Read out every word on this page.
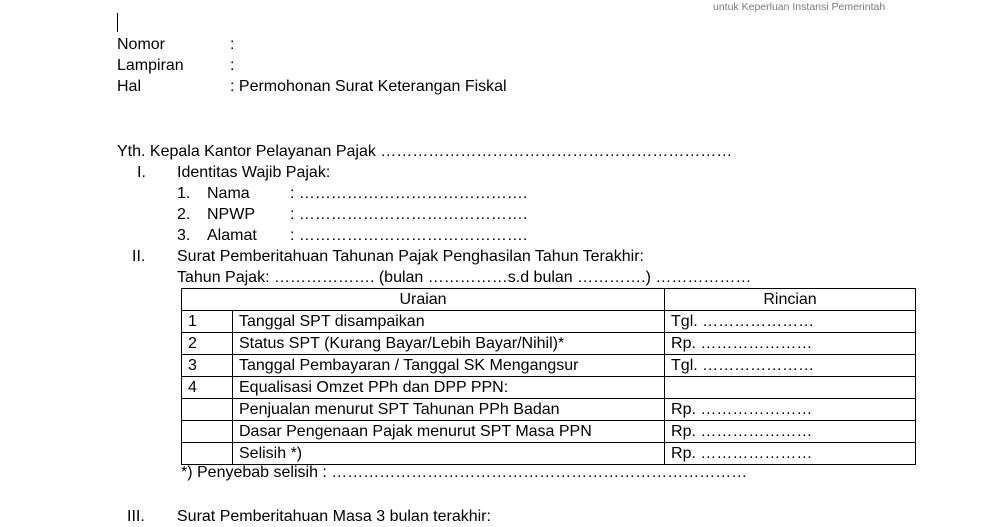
untuk Keperluan Instansi Pemerintah
Nomor	:
Lampiran	:
Hal	: Permohonan Surat Keterangan Fiskal
Yth. Kepala Kantor Pelayanan Pajak …………………………………………………………
I. Identitas Wajib Pajak:
1. Nama	: …………………………………….
2. NPWP : …………………………………….
3. Alamat : …………………………………….
II. Surat Pemberitahuan Tahunan Pajak Penghasilan Tahun Terakhir:
Tahun Pajak: ………………. (bulan ……………s.d bulan ………….) ………………
Uraian		Rincian
1	Tanggal SPT disampaikan	Tgl. …………………
2	Status SPT (Kurang Bayar/Lebih Bayar/Nihil)*	Rp. …………………
3	Tanggal Pembayaran / Tanggal SK Mengangsur	Tgl. …………………
4	Equalisasi Omzet PPh dan DPP PPN:	
	Penjualan menurut SPT Tahunan PPh Badan	Rp. …………………
	Dasar Pengenaan Pajak menurut SPT Masa PPN	Rp. …………………
	Selisih *)	Rp. …………………
*) Penyebab selisih : ……………………………………………………………………
III. Surat Pemberitahuan Masa 3 bulan terakhir:
